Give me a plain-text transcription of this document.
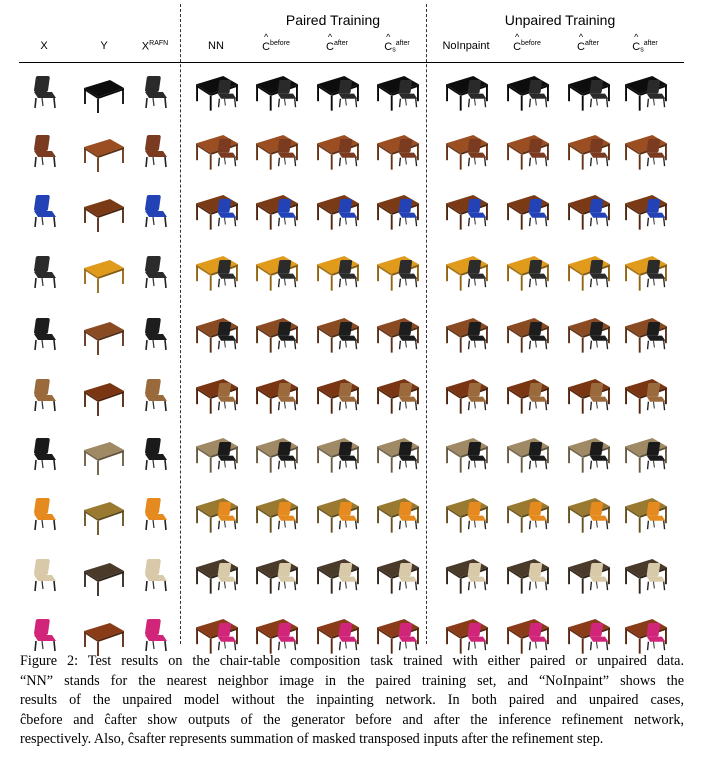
Paired Training	Unpaired Training
X	Y	$X^{RAFN}$	NN	^ $C^{before}$	^ $C^{after}$	^ $C_s^{after}$	NoInpaint	^ $C^{before}$	^ $C^{after}$	^ $C_s^{after}$
Figure 2: Test results on the chair-table composition task trained with either paired or unpaired data.
“NN” stands for the nearest neighbor image in the paired training set, and “NoInpaint” shows the
results of the unpaired model without the inpainting network. In both paired and unpaired cases,
ĉbefore and ĉafter show outputs of the generator before and after the inference refinement network,
respectively. Also, ĉsafter represents summation of masked transposed inputs after the refinement step.
